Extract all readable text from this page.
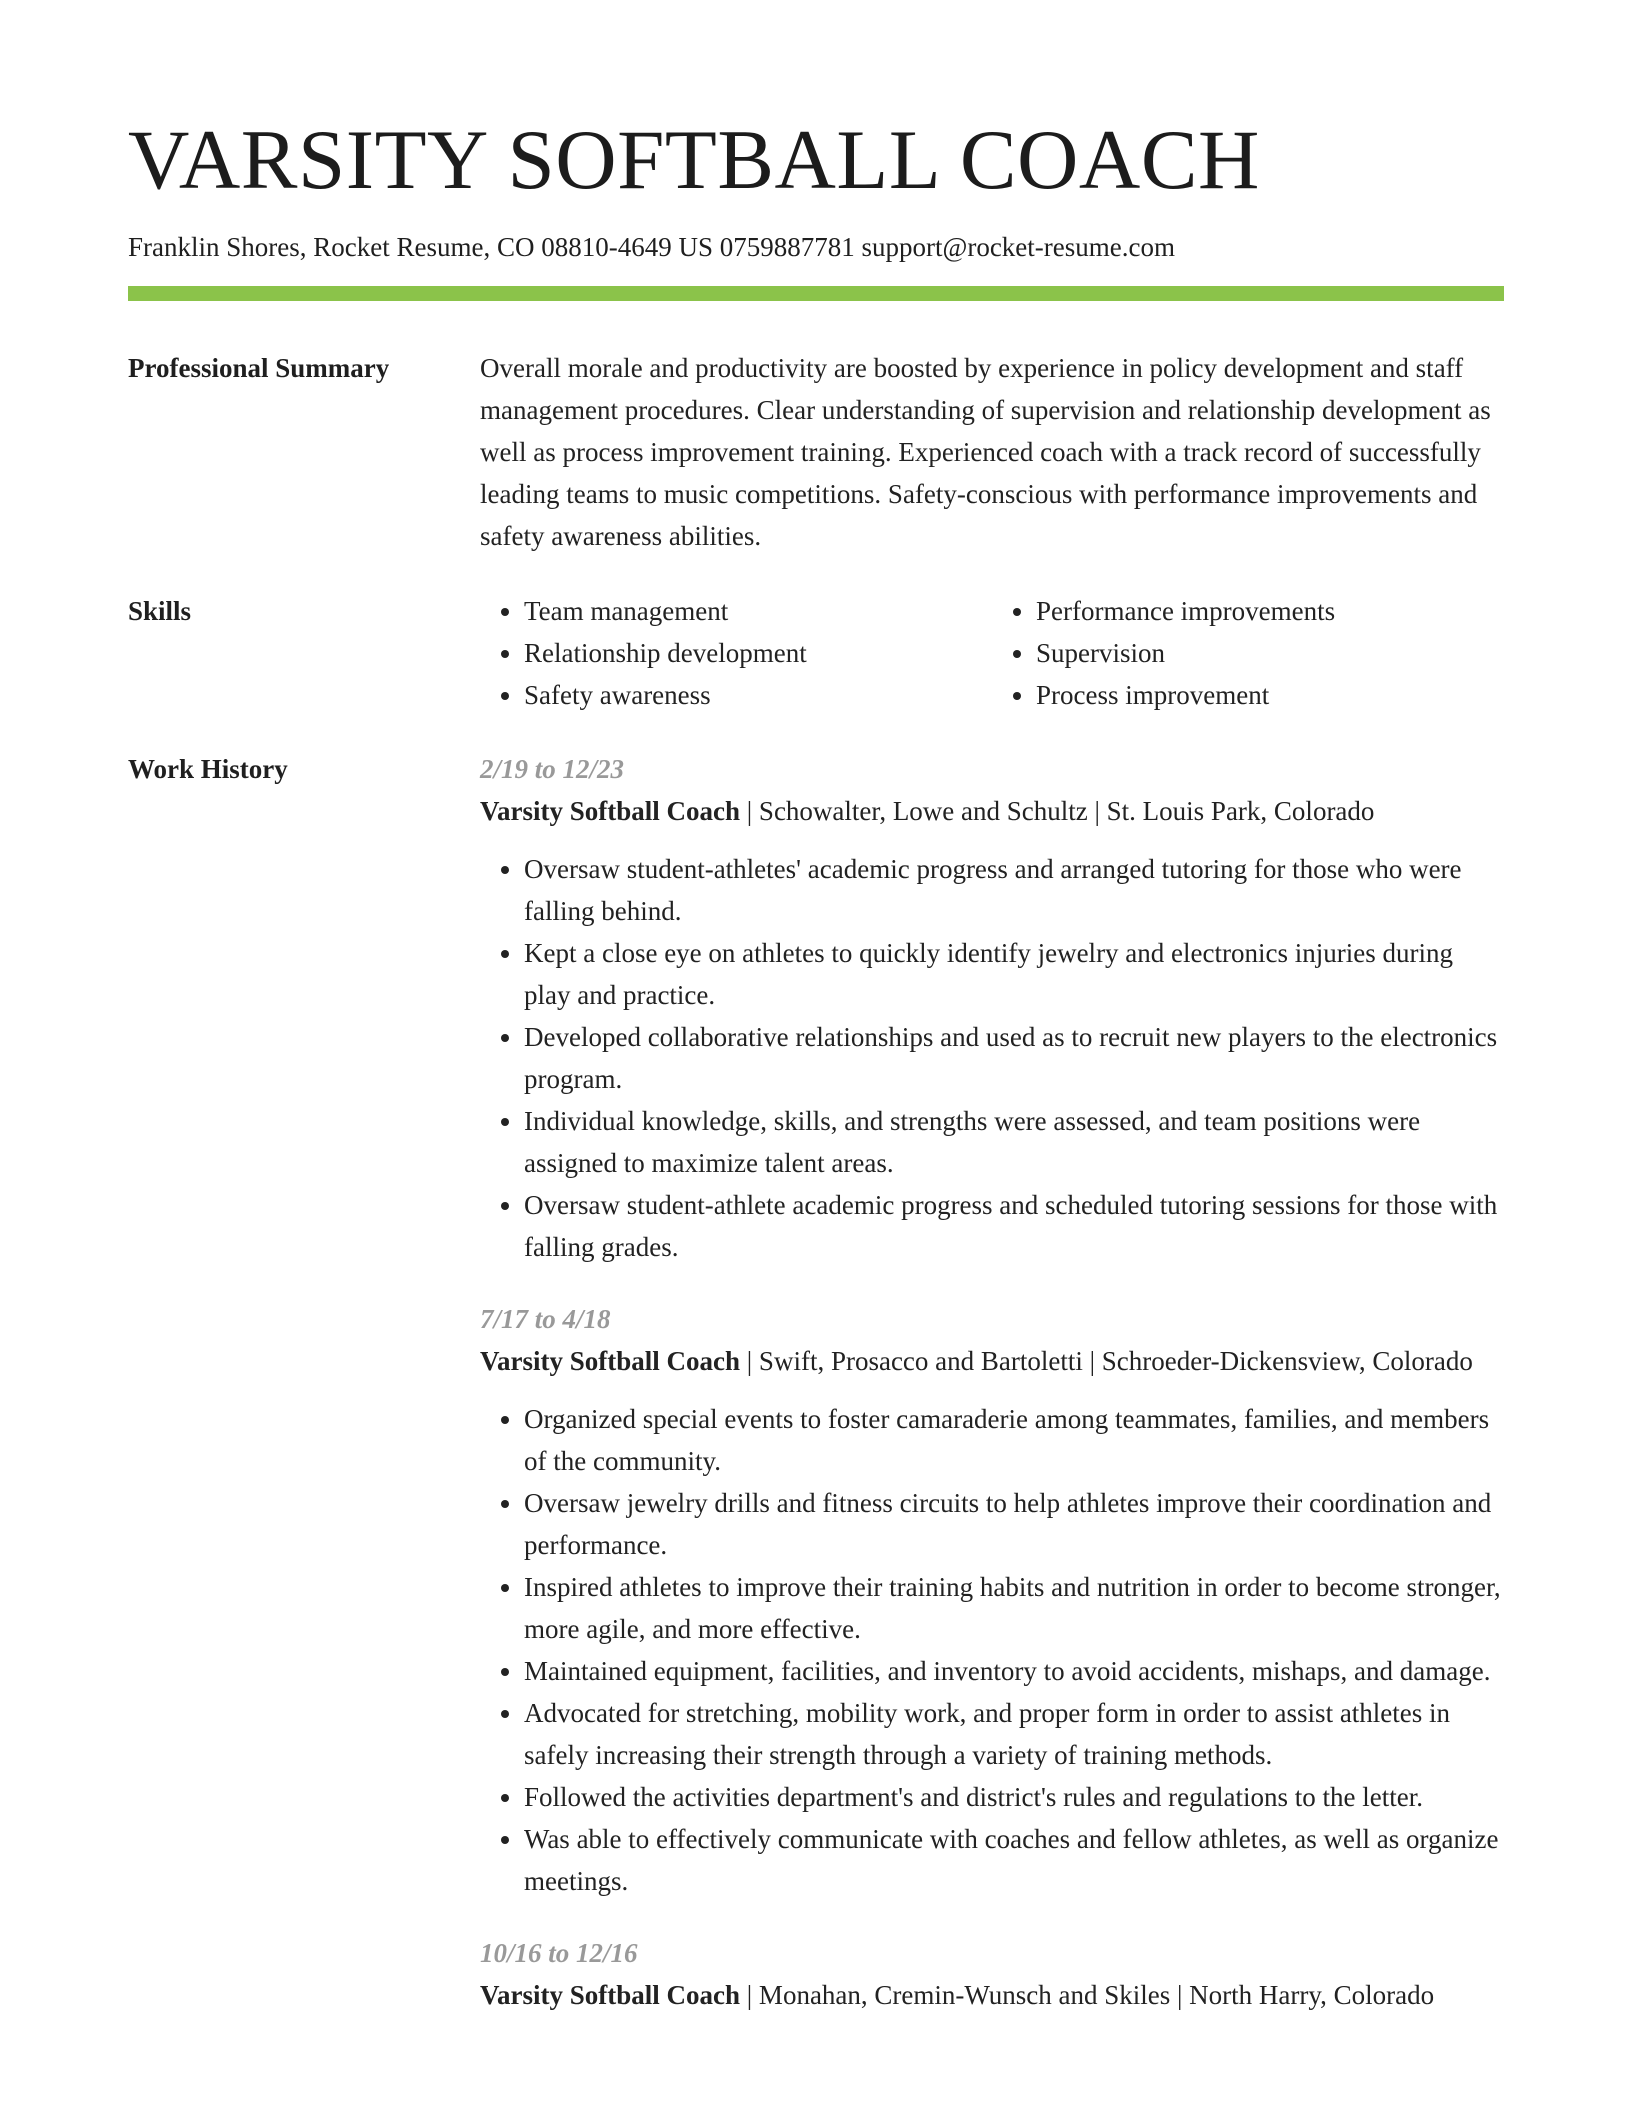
VARSITY SOFTBALL COACH
Franklin Shores, Rocket Resume, CO 08810-4649 US 0759887781 support@rocket-resume.com
Professional Summary	Overall morale and productivity are boosted by experience in policy development and staff management procedures. Clear understanding of supervision and relationship development as well as process improvement training. Experienced coach with a track record of successfully leading teams to music competitions. Safety-conscious with performance improvements and safety awareness abilities.

Skills
•	Team management
• Relationship development
• Safety awareness
• Performance improvements
• Supervision
• Process improvement
Work History	2/19 to 12/23
Varsity Softball Coach | Schowalter, Lowe and Schultz | St. Louis Park, Colorado
• Oversaw student-athletes' academic progress and arranged tutoring for those who were falling behind.
• Kept a close eye on athletes to quickly identify jewelry and electronics injuries during play and practice.
• Developed collaborative relationships and used as to recruit new players to the electronics program.
• Individual knowledge, skills, and strengths were assessed, and team positions were assigned to maximize talent areas.
• Oversaw student-athlete academic progress and scheduled tutoring sessions for those with falling grades.
7/17 to 4/18
Varsity Softball Coach | Swift, Prosacco and Bartoletti | Schroeder-Dickensview, Colorado
• Organized special events to foster camaraderie among teammates, families, and members of the community.
• Oversaw jewelry drills and fitness circuits to help athletes improve their coordination and performance.
• Inspired athletes to improve their training habits and nutrition in order to become stronger, more agile, and more effective.
• Maintained equipment, facilities, and inventory to avoid accidents, mishaps, and damage.
• Advocated for stretching, mobility work, and proper form in order to assist athletes in safely increasing their strength through a variety of training methods.
• Followed the activities department's and district's rules and regulations to the letter.
• Was able to effectively communicate with coaches and fellow athletes, as well as organize meetings.
10/16 to 12/16
Varsity Softball Coach | Monahan, Cremin-Wunsch and Skiles | North Harry, Colorado
